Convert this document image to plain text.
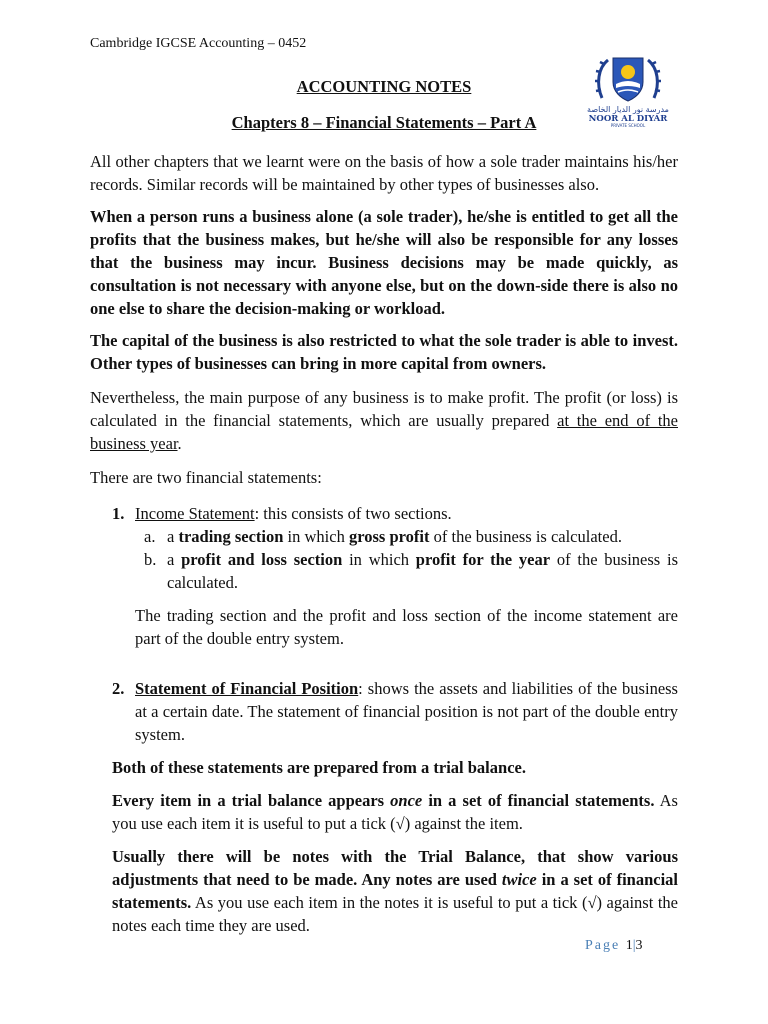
Cambridge IGCSE Accounting – 0452
مدرسة نور الديار الخاصة
NOOR AL DIYAR
PRIVATE SCHOOL
ACCOUNTING NOTES
Chapters 8 – Financial Statements – Part A

All other chapters that we learnt were on the basis of how a sole trader maintains his/her records. Similar records will be maintained by other types of businesses also.

When a person runs a business alone (a sole trader), he/she is entitled to get all the profits that the business makes, but he/she will also be responsible for any losses that the business may incur. Business decisions may be made quickly, as consultation is not necessary with anyone else, but on the down-side there is also no one else to share the decision-making or workload.

The capital of the business is also restricted to what the sole trader is able to invest. Other types of businesses can bring in more capital from owners.

Nevertheless, the main purpose of any business is to make profit. The profit (or loss) is calculated in the financial statements, which are usually prepared at the end of the business year.

There are two financial statements:

1. Income Statement: this consists of two sections.

a. a trading section in which gross profit of the business is calculated.

b. a profit and loss section in which profit for the year of the business is calculated.

The trading section and the profit and loss section of the income statement are part of the double entry system.

2. Statement of Financial Position: shows the assets and liabilities of the business at a certain date. The statement of financial position is not part of the double entry system.

Both of these statements are prepared from a trial balance.

Every item in a trial balance appears once in a set of financial statements. As you use each item it is useful to put a tick (√) against the item.

Usually there will be notes with the Trial Balance, that show various adjustments that need to be made. Any notes are used twice in a set of financial statements. As you use each item in the notes it is useful to put a tick (√) against the notes each time they are used.

Page 1|3
